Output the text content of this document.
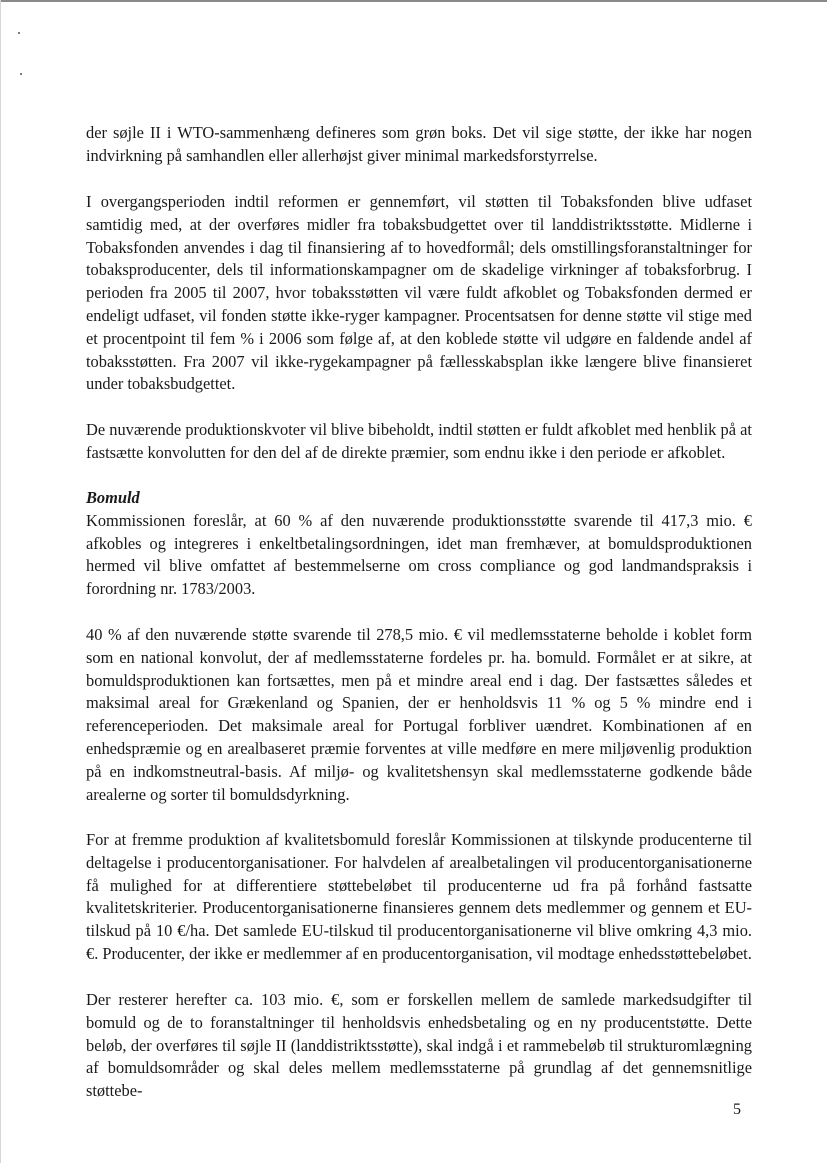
der søjle II i WTO-sammenhæng defineres som grøn boks. Det vil sige støtte, der ikke har nogen indvirkning på samhandlen eller allerhøjst giver minimal markedsforstyrrelse.

I overgangsperioden indtil reformen er gennemført, vil støtten til Tobaksfonden blive udfaset samtidig med, at der overføres midler fra tobaksbudgettet over til landdistriktsstøtte. Midlerne i Tobaksfonden anvendes i dag til finansiering af to hovedformål; dels omstillingsforanstaltninger for tobaksproducenter, dels til informationskampagner om de skadelige virkninger af tobaksforbrug. I perioden fra 2005 til 2007, hvor tobaksstøtten vil være fuldt afkoblet og Tobaksfonden dermed er endeligt udfaset, vil fonden støtte ikke-ryger kampagner. Procentsatsen for denne støtte vil stige med et procentpoint til fem % i 2006 som følge af, at den koblede støtte vil udgøre en faldende andel af tobaksstøtten. Fra 2007 vil ikke-rygekampagner på fællesskabsplan ikke længere blive finansieret under tobaksbudgettet.

De nuværende produktionskvoter vil blive bibeholdt, indtil støtten er fuldt afkoblet med henblik på at fastsætte konvolutten for den del af de direkte præmier, som endnu ikke i den periode er afkoblet.

Bomuld

Kommissionen foreslår, at 60 % af den nuværende produktionsstøtte svarende til 417,3 mio. € afkobles og integreres i enkeltbetalingsordningen, idet man fremhæver, at bomuldsproduktionen hermed vil blive omfattet af bestemmelserne om cross compliance og god landmandspraksis i forordning nr. 1783/2003.

40 % af den nuværende støtte svarende til 278,5 mio. € vil medlemsstaterne beholde i koblet form som en national konvolut, der af medlemsstaterne fordeles pr. ha. bomuld. Formålet er at sikre, at bomuldsproduktionen kan fortsættes, men på et mindre areal end i dag. Der fastsættes således et maksimal areal for Grækenland og Spanien, der er henholdsvis 11 % og 5 % mindre end i referenceperioden. Det maksimale areal for Portugal forbliver uændret. Kombinationen af en enhedspræmie og en arealbaseret præmie forventes at ville medføre en mere miljøvenlig produktion på en indkomstneutral-basis. Af miljø- og kvalitetshensyn skal medlemsstaterne godkende både arealerne og sorter til bomuldsdyrkning.

For at fremme produktion af kvalitetsbomuld foreslår Kommissionen at tilskynde producenterne til deltagelse i producentorganisationer. For halvdelen af arealbetalingen vil producentorganisationerne få mulighed for at differentiere støttebeløbet til producenterne ud fra på forhånd fastsatte kvalitetskriterier. Producentorganisationerne finansieres gennem dets medlemmer og gennem et EU-tilskud på 10 €/ha. Det samlede EU-tilskud til producentorganisationerne vil blive omkring 4,3 mio. €. Producenter, der ikke er medlemmer af en producentorganisation, vil modtage enhedsstøttebeløbet.

Der resterer herefter ca. 103 mio. €, som er forskellen mellem de samlede markedsudgifter til bomuld og de to foranstaltninger til henholdsvis enhedsbetaling og en ny producentstøtte. Dette beløb, der overføres til søjle II (landdistriktsstøtte), skal indgå i et rammebeløb til strukturomlægning af bomuldsområder og skal deles mellem medlemsstaterne på grundlag af det gennemsnitlige støttebe-

5
